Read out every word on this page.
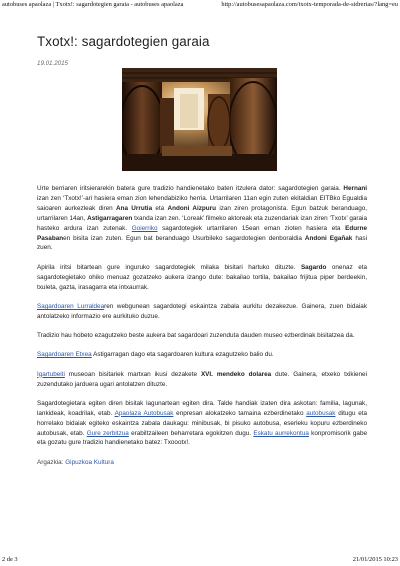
autobuses apaolaza | Txotx!: sagardotegien garaia - autobuses apaolaza	http://autobusesapaolaza.com/txotx-temporada-de-sidrerias/?lang=eu
Txotx!: sagardotegien garaia
19.01.2015

Urte berriaren iritsierarekin batera gure tradizio handienetako baten itzulera dator: sagardotegien garaia. Hernani izan zen ‘Txotx!’-ari hasiera eman zion lehendabiziko herria. Urtarrilaren 11an egin zuten ekitaldian EITBko Egualdia saioaren aurkezleak diren Ana Urrutia eta Andoni Aizpuru izan ziren protagonista. Egun batzuk beranduago, urtarrilaren 14an, Astigarragaren txanda izan zen. ‘Loreak’ filmeko aktoreak eta zuzendariak izan ziren ‘Txotx’ garaia hasteko ardura izan zutenak. Goierriko sagardotegiek urtarrilaren 15ean eman zioten hasiera eta Edurne Pasabanen bisita izan zuten. Egun bat beranduago Usurbileko sagardotegien denboraldia Andoni Egañak hasi zuen.

Apirila iritsi bitartean gure inguruko sagardotegiek milaka bisitari hartuko dituzte. Sagardo onenaz eta sagardotegietako ohiko menuaz gozatzeko aukera izango dute: bakailao tortila, bakailao frijitua piper berdeekin, txuleta, gazta, irasagarra eta intxaurrak.

Sagardoaren Lurraldearen webgunean sagardotegi eskaintza zabala aurkitu dezakezue. Gainera, zuen bidaiak antolatzeko informazio ere aurkituko duzue.

Tradizio hau hobeto ezagutzeko beste aukera bat sagardoari zuzenduta dauden museo ezberdinak bisitatzea da.

Sagardoaren Etxea Astigarragan dago eta sagardoaren kultura ezagutzeko balio du.

Igartubeiti museoan bisitariek martxan ikusi dezakete XVI. mendeko dolarea dute. Gainera, etxeko txikienei zuzendutako jarduera ugari antolatzen dituzte.

Sagardotegietara egiten diren bisitak lagunartean egiten dira. Talde handiak izaten dira askotan: familia, lagunak, lankideak, koadrilak, etab. Apaolaza Autobusak enpresan alokatzeko tamaina ezberdinetako autobusak ditugu eta horrelako bidaiak egiteko eskaintza zabala daukagu: minibusak, bi pisuko autobusa, eserleku kopuru ezberdineko autobusak, etab. Gure zerbitzua erabiltzaileen beharretara egokitzen dugu. Eskatu aurrekontua konpromisorik gabe eta gozatu gure tradizio handienetako batez: Txoootx!.

Argazkia: Gipuzkoa Kultura
2 de 3	21/01/2015 10:23
